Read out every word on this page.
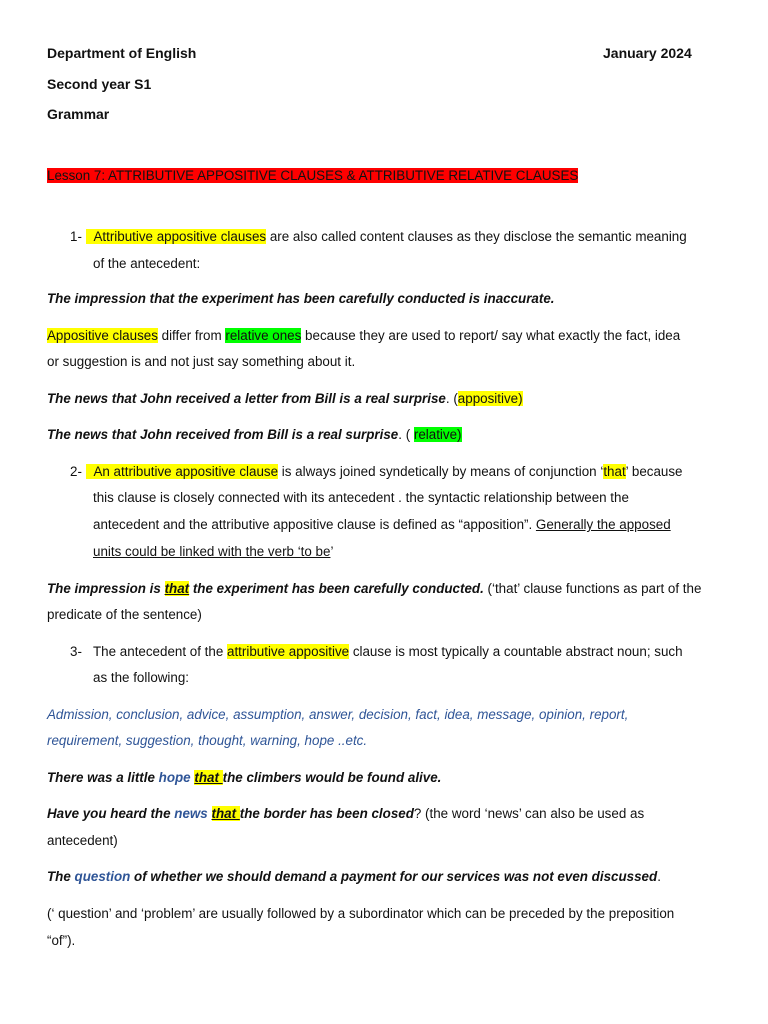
Department of English	January 2024
Second year S1
Grammar
Lesson 7: ATTRIBUTIVE APPOSITIVE CLAUSES & ATTRIBUTIVE RELATIVE CLAUSES
1- Attributive appositive clauses are also called content clauses as they disclose the semantic meaning
of the antecedent:
The impression that the experiment has been carefully conducted is inaccurate.
Appositive clauses differ from relative ones because they are used to report/ say what exactly the fact, idea
or suggestion is and not just say something about it.
The news that John received a letter from Bill is a real surprise. (appositive)
The news that John received from Bill is a real surprise. ( relative)
2- An attributive appositive clause is always joined syndetically by means of conjunction ‘that’ because
this clause is closely connected with its antecedent . the syntactic relationship between the
antecedent and the attributive appositive clause is defined as “apposition”. Generally the apposed
units could be linked with the verb ‘to be’
The impression is that the experiment has been carefully conducted. (‘that’ clause functions as part of the
predicate of the sentence)
3- The antecedent of the attributive appositive clause is most typically a countable abstract noun; such
as the following:
Admission, conclusion, advice, assumption, answer, decision, fact, idea, message, opinion, report,
requirement, suggestion, thought, warning, hope ..etc.
There was a little hope that the climbers would be found alive.
Have you heard the news that the border has been closed? (the word ‘news’ can also be used as
antecedent)
The question of whether we should demand a payment for our services was not even discussed.
(‘ question’ and ‘problem’ are usually followed by a subordinator which can be preceded by the preposition
“of”).
